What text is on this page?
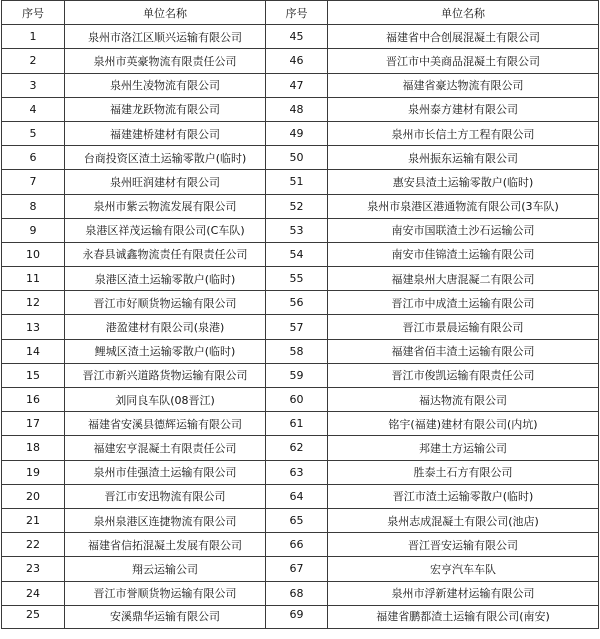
序号	单位名称	序号	单位名称
1	泉州市洛江区顺兴运输有限公司	45	福建省中合创展混凝土有限公司
2	泉州市英豪物流有限责任公司	46	晋江市中美商品混凝土有限公司
3	泉州生凌物流有限公司	47	福建省豪达物流有限公司
4	福建龙跃物流有限公司	48	泉州泰方建材有限公司
5	福建建桥建材有限公司	49	泉州市长信土方工程有限公司
6	台商投资区渣土运输零散户(临时)	50	泉州振东运输有限公司
7	泉州旺润建材有限公司	51	惠安县渣土运输零散户(临时)
8	泉州市紫云物流发展有限公司	52	泉州市泉港区港通物流有限公司(3车队)
9	泉港区祥茂运输有限公司(C车队)	53	南安市国联渣土沙石运输公司
10	永春县诚鑫物流责任有限责任公司	54	南安市佳锦渣土运输有限公司
11	泉港区渣土运输零散户(临时)	55	福建泉州大唐混凝二有限公司
12	晋江市好顺货物运输有限公司	56	晋江市中成渣土运输有限公司
13	港盈建材有限公司(泉港)	57	晋江市景晨运输有限公司
14	鲤城区渣土运输零散户(临时)	58	福建省佰丰渣土运输有限公司
15	晋江市新兴道路货物运输有限公司	59	晋江市俊凯运输有限责任公司
16	刘同良车队(08晋江)	60	福达物流有限公司
17	福建省安溪县德辉运输有限公司	61	铭宇(福建)建材有限公司(内坑)
18	福建宏亨混凝土有限责任公司	62	邦建土方运输公司
19	泉州市佳强渣土运输有限公司	63	胜泰土石方有限公司
20	晋江市安迅物流有限公司	64	晋江市渣土运输零散户(临时)
21	泉州泉港区连捷物流有限公司	65	泉州志成混凝土有限公司(池店)
22	福建省信拓混凝土发展有限公司	66	晋江晋安运输有限公司
23	翔云运输公司	67	宏亨汽车车队
24	晋江市誉顺货物运输有限公司	68	泉州市浮新建材运输有限公司
25	安溪鼎华运输有限公司	69	福建省鹏都渣土运输有限公司(南安)
